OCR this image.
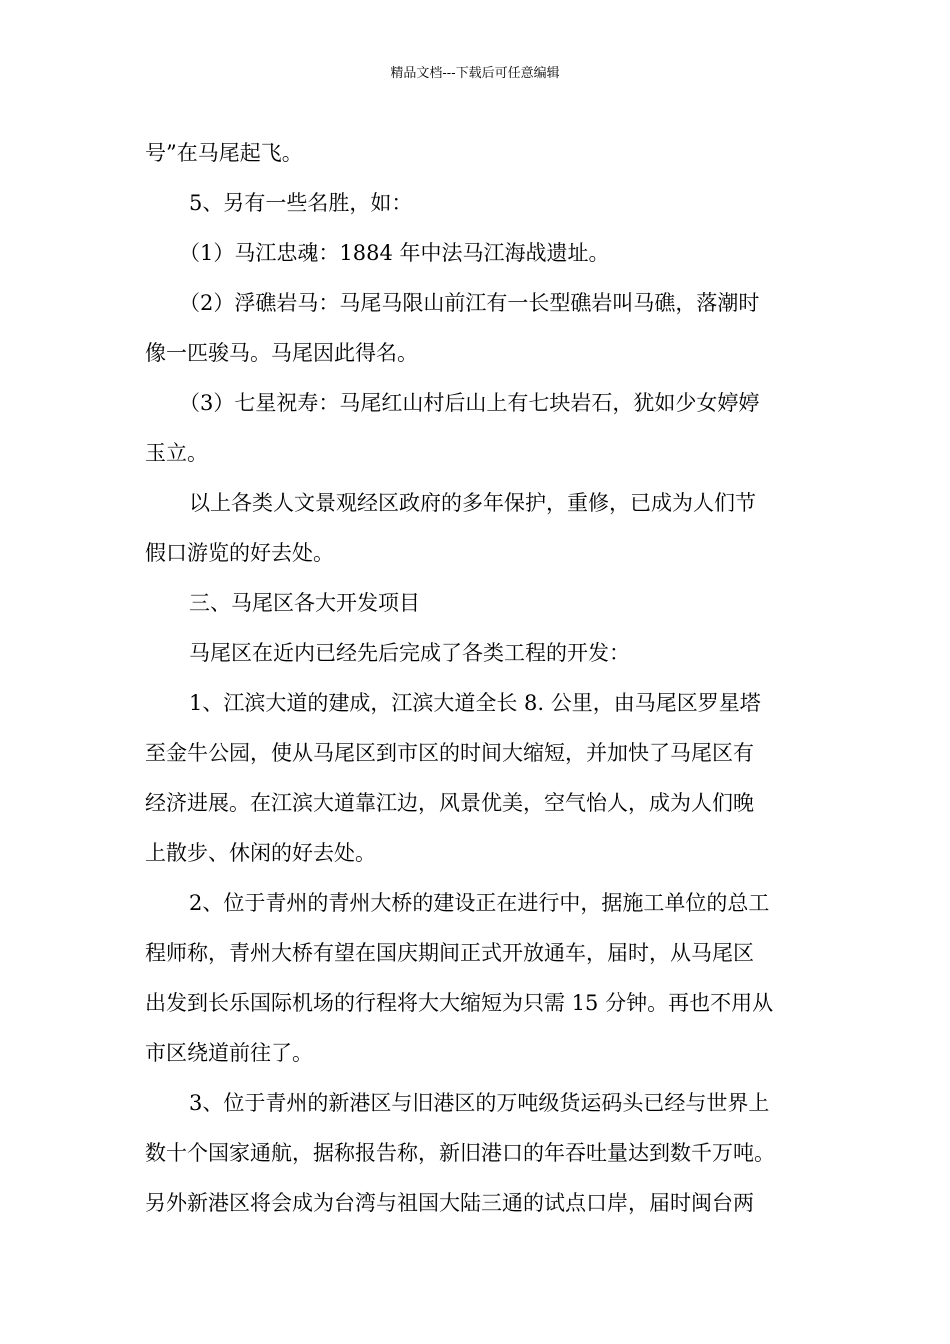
精品文档---下载后可任意编辑
号”在马尾起飞。
5、另有一些名胜，如：
（1）马江忠魂：1884 年中法马江海战遗址。
（2）浮礁岩马：马尾马限山前江有一长型礁岩叫马礁，落潮时
像一匹骏马。马尾因此得名。
（3）七星祝寿：马尾红山村后山上有七块岩石，犹如少女婷婷
玉立。
以上各类人文景观经区政府的多年保护，重修，已成为人们节
假口游览的好去处。
三、马尾区各大开发项目
马尾区在近内已经先后完成了各类工程的开发：
1、江滨大道的建成，江滨大道全长 8. 公里，由马尾区罗星塔
至金牛公园，使从马尾区到市区的时间大缩短，并加快了马尾区有
经济进展。在江滨大道靠江边，风景优美，空气怡人，成为人们晚
上散步、休闲的好去处。
2、位于青州的青州大桥的建设正在进行中，据施工单位的总工
程师称，青州大桥有望在国庆期间正式开放通车，届时，从马尾区
出发到长乐国际机场的行程将大大缩短为只需 15 分钟。再也不用从
市区绕道前往了。
3、位于青州的新港区与旧港区的万吨级货运码头已经与世界上
数十个国家通航，据称报告称，新旧港口的年吞吐量达到数千万吨。
另外新港区将会成为台湾与祖国大陆三通的试点口岸，届时闽台两
